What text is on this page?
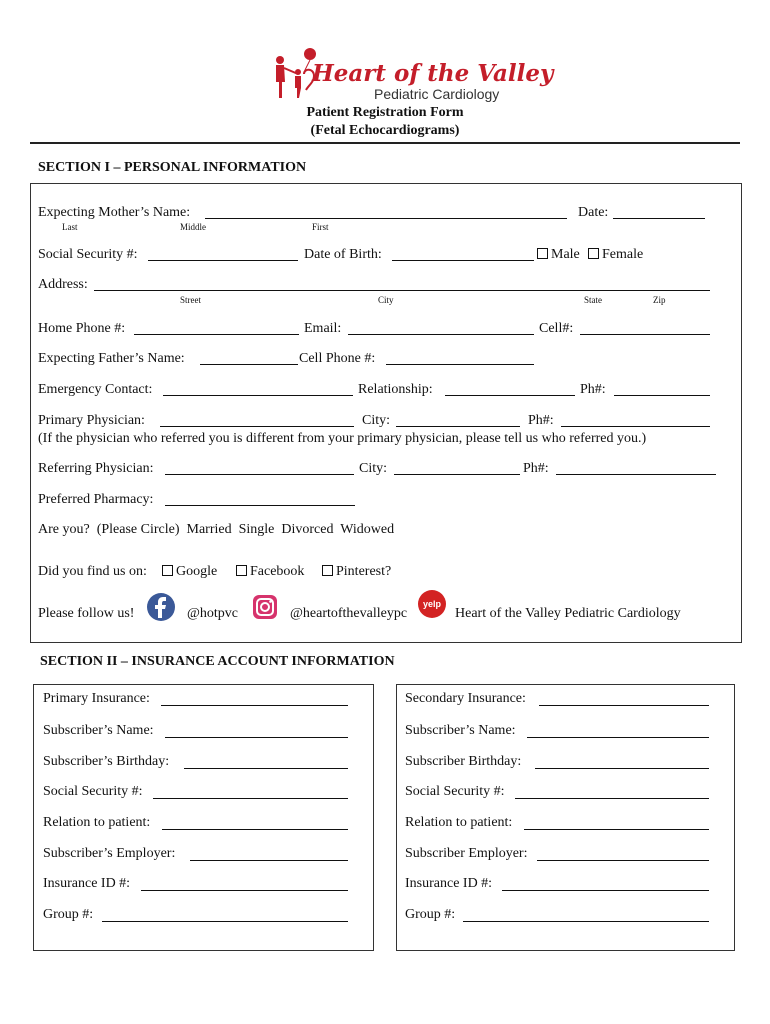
Heart of the Valley
Pediatric Cardiology
Patient Registration Form
(Fetal Echocardiograms)
SECTION I – PERSONAL INFORMATION
Expecting Mother’s Name:	Date:
Last	Middle	First
Social Security #:	Date of Birth:	Male	Female
Address:
Street	City	State	Zip
Home Phone #:	Email:	Cell#:
Expecting Father’s Name:	Cell Phone #:
Emergency Contact:	Relationship:	Ph#:
Primary Physician:	City:	Ph#:
(If the physician who referred you is different from your primary physician, please tell us who referred you.)
Referring Physician:	City:	Ph#:
Preferred Pharmacy:
Are you?  (Please Circle)  Married  Single  Divorced  Widowed
Did you find us on:	Google	Facebook	Pinterest?
Please follow us!	@hotpvc	@heartofthevalleypc
yelp
Heart of the Valley Pediatric Cardiology
SECTION II – INSURANCE ACCOUNT INFORMATION
Primary Insurance:
Subscriber’s Name:
Subscriber’s Birthday:
Social Security #:
Relation to patient:
Subscriber’s Employer:
Insurance ID #:
Group #:
Secondary Insurance:
Subscriber’s Name:
Subscriber Birthday:
Social Security #:
Relation to patient:
Subscriber Employer:
Insurance ID #:
Group #:
